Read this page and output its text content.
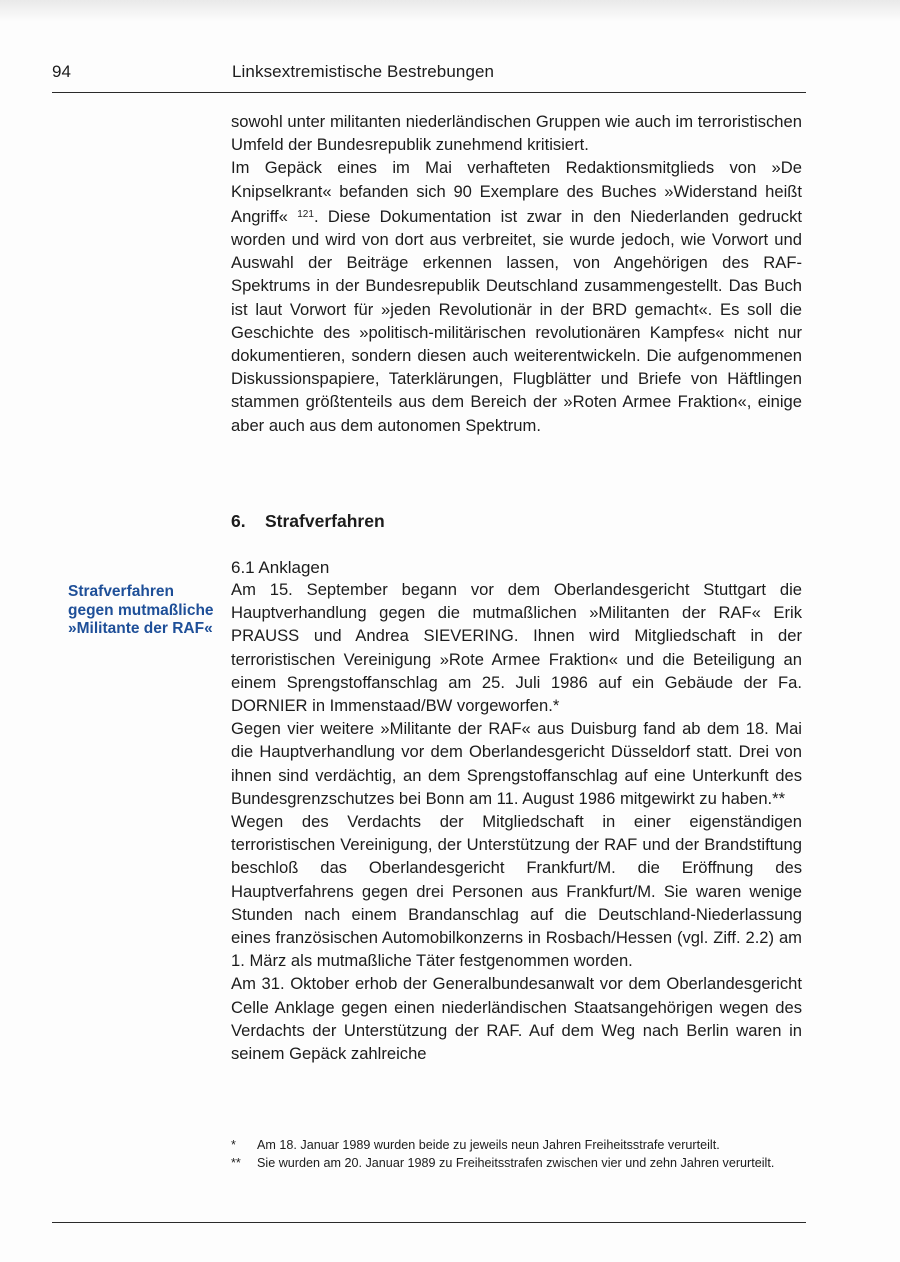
94	Linksextremistische Bestrebungen

sowohl unter militanten niederländischen Gruppen wie auch im terroristischen Umfeld der Bundesrepublik zunehmend kritisiert.

Im Gepäck eines im Mai verhafteten Redaktionsmitglieds von »De Knipselkrant« befanden sich 90 Exemplare des Buches »Widerstand heißt Angriff« $^{121}$. Diese Dokumentation ist zwar in den Niederlanden gedruckt worden und wird von dort aus verbreitet, sie wurde jedoch, wie Vorwort und Auswahl der Beiträge erkennen lassen, von Angehörigen des RAF-Spektrums in der Bundesrepublik Deutschland zusammengestellt. Das Buch ist laut Vorwort für »jeden Revolutionär in der BRD gemacht«. Es soll die Geschichte des »politisch-militärischen revolutionären Kampfes« nicht nur dokumentieren, sondern diesen auch weiterentwickeln. Die aufgenommenen Diskussionspapiere, Taterklärungen, Flugblätter und Briefe von Häftlingen stammen größtenteils aus dem Bereich der »Roten Armee Fraktion«, einige aber auch aus dem autonomen Spektrum.

6. Strafverfahren
6.1 Anklagen
Strafverfahren gegen mutmaßliche »Militante der RAF«

Am 15. September begann vor dem Oberlandesgericht Stuttgart die Hauptverhandlung gegen die mutmaßlichen »Militanten der RAF« Erik PRAUSS und Andrea SIEVERING. Ihnen wird Mitgliedschaft in der terroristischen Vereinigung »Rote Armee Fraktion« und die Beteiligung an einem Sprengstoffanschlag am 25. Juli 1986 auf ein Gebäude der Fa. DORNIER in Immenstaad/BW vorgeworfen.*

Gegen vier weitere »Militante der RAF« aus Duisburg fand ab dem 18. Mai die Hauptverhandlung vor dem Oberlandesgericht Düsseldorf statt. Drei von ihnen sind verdächtig, an dem Sprengstoffanschlag auf eine Unterkunft des Bundesgrenzschutzes bei Bonn am 11. August 1986 mitgewirkt zu haben.**

Wegen des Verdachts der Mitgliedschaft in einer eigenständigen terroristischen Vereinigung, der Unterstützung der RAF und der Brandstiftung beschloß das Oberlandesgericht Frankfurt/M. die Eröffnung des Hauptverfahrens gegen drei Personen aus Frankfurt/M. Sie waren wenige Stunden nach einem Brandanschlag auf die Deutschland-Niederlassung eines französischen Automobilkonzerns in Rosbach/Hessen (vgl. Ziff. 2.2) am 1. März als mutmaßliche Täter festgenommen worden.

Am 31. Oktober erhob der Generalbundesanwalt vor dem Oberlandesgericht Celle Anklage gegen einen niederländischen Staatsangehörigen wegen des Verdachts der Unterstützung der RAF. Auf dem Weg nach Berlin waren in seinem Gepäck zahlreiche

* Am 18. Januar 1989 wurden beide zu jeweils neun Jahren Freiheitsstrafe verurteilt.
** Sie wurden am 20. Januar 1989 zu Freiheitsstrafen zwischen vier und zehn Jahren verurteilt.
